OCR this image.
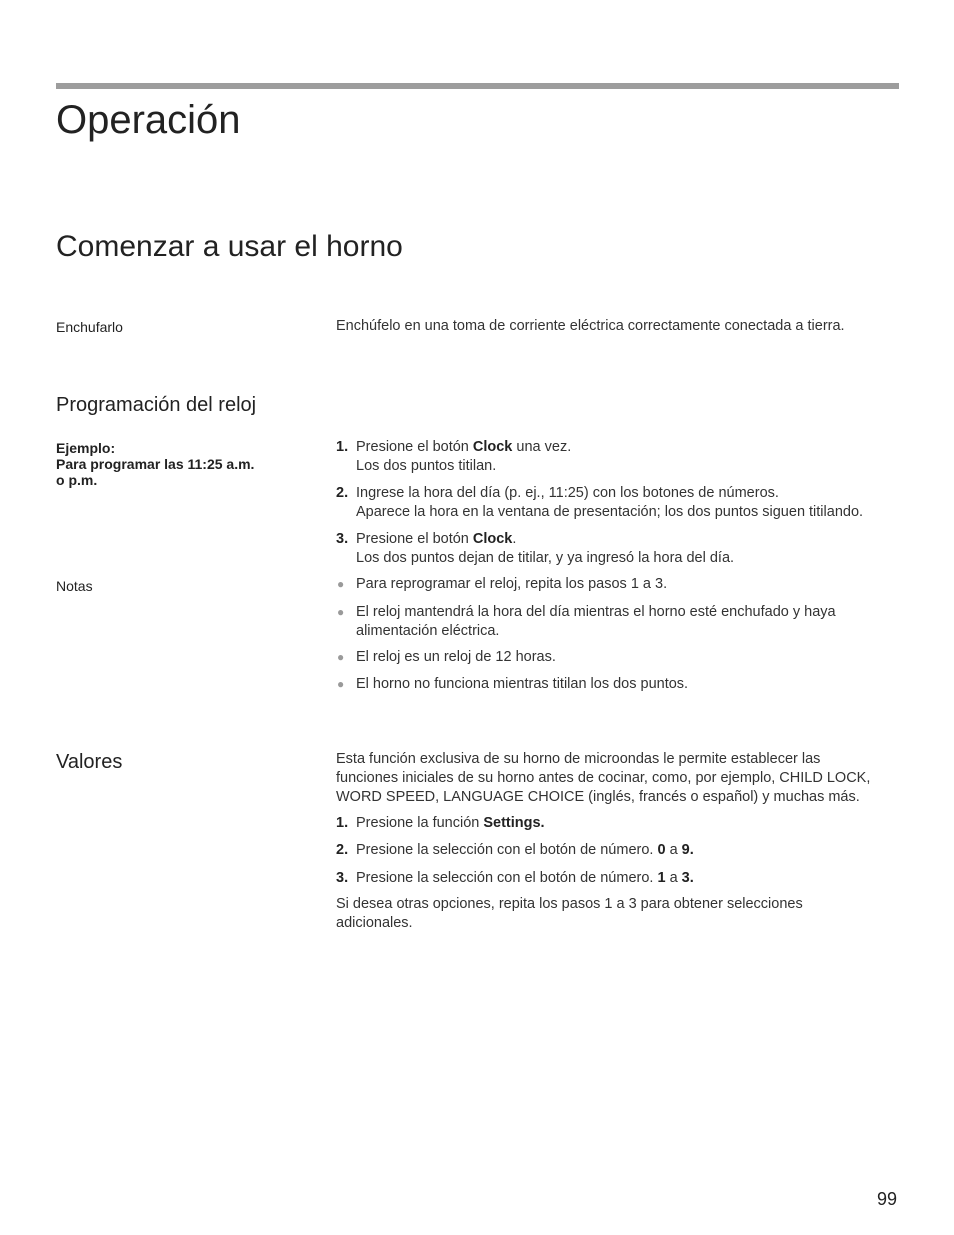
Operación
Comenzar a usar el horno
Enchufarlo	Enchúfelo en una toma de corriente eléctrica correctamente conectada a tierra.
Programación del reloj
Ejemplo:
Para programar las 11:25 a.m.
o p.m.
1. Presione el botón Clock una vez.
Los dos puntos titilan.
2. Ingrese la hora del día (p. ej., 11:25) con los botones de números.
Aparece la hora en la ventana de presentación; los dos puntos siguen titilando.
3. Presione el botón Clock.
Los dos puntos dejan de titilar, y ya ingresó la hora del día.
Notas	● Para reprogramar el reloj, repita los pasos 1 a 3.
● El reloj mantendrá la hora del día mientras el horno esté enchufado y haya
alimentación eléctrica.
● El reloj es un reloj de 12 horas.
● El horno no funciona mientras titilan los dos puntos.
Valores	Esta función exclusiva de su horno de microondas le permite establecer las
funciones iniciales de su horno antes de cocinar, como, por ejemplo, CHILD LOCK,
WORD SPEED, LANGUAGE CHOICE (inglés, francés o español) y muchas más.
1. Presione la función Settings.
2. Presione la selección con el botón de número. 0 a 9.
3. Presione la selección con el botón de número. 1 a 3.
Si desea otras opciones, repita los pasos 1 a 3 para obtener selecciones
adicionales.
99
